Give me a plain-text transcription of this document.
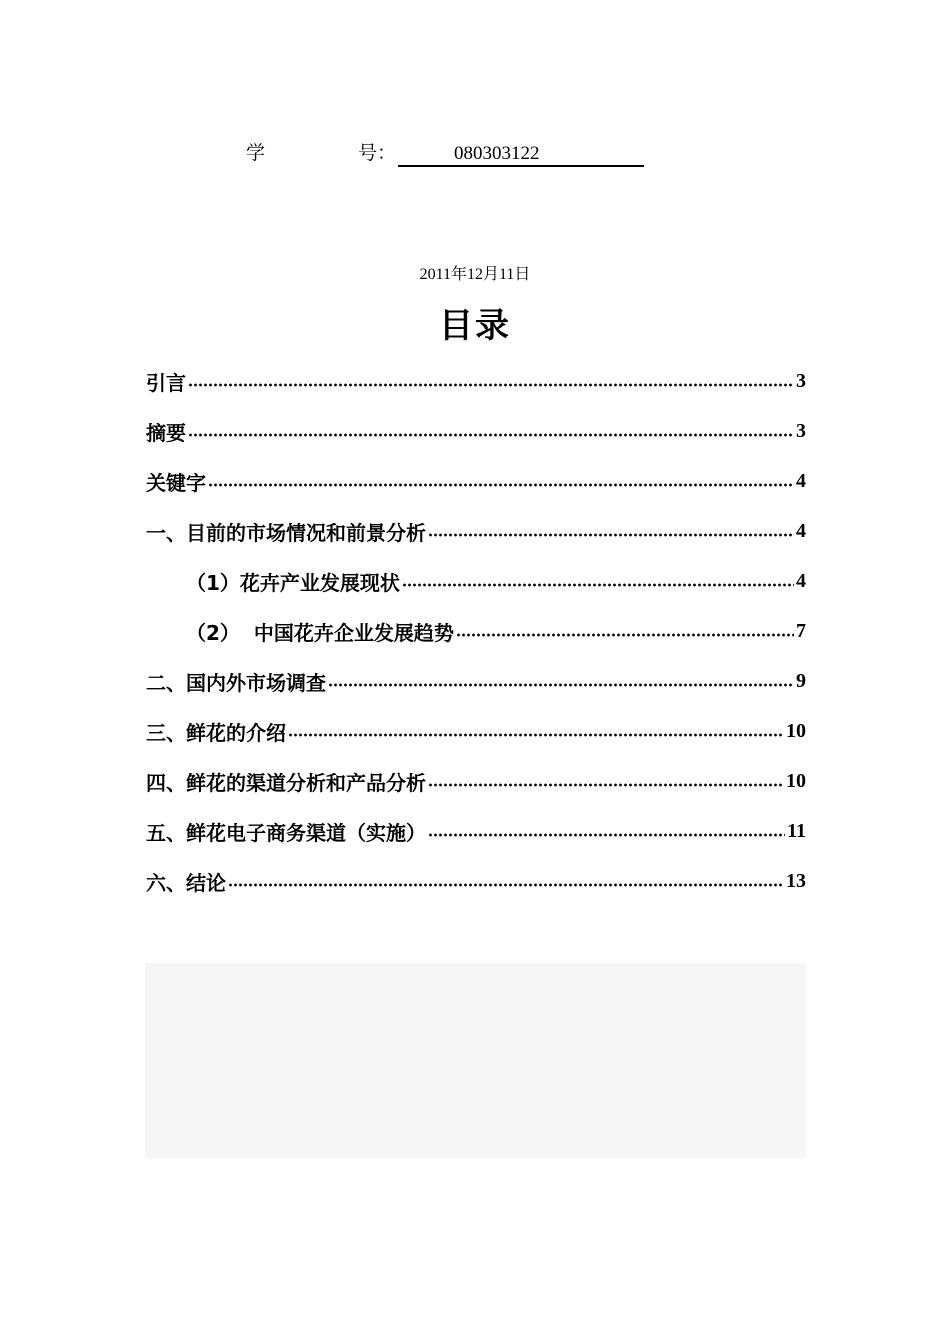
学	号：	080303122
2011年12月11日
目录
引言	3
摘要	3
关键字	4
一、目前的市场情况和前景分析	4
（1）花卉产业发展现状	4
（2）  中国花卉企业发展趋势	7
二、国内外市场调查	9
三、鲜花的介绍	10
四、鲜花的渠道分析和产品分析	10
五、鲜花电子商务渠道（实施）	11
六、结论	13
